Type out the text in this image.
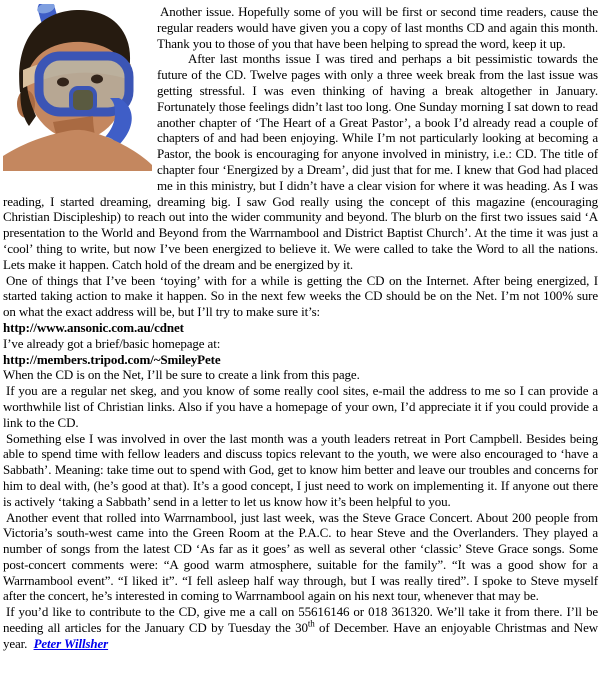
Another issue. Hopefully some of you will be first or second time readers, cause the regular readers would have given you a copy of last months CD and again this month. Thank you to those of you that have been helping to spread the word, keep it up.

After last months issue I was tired and perhaps a bit pessimistic towards the future of the CD. Twelve pages with only a three week break from the last issue was getting stressful. I was even thinking of having a break altogether in January. Fortunately those feelings didn’t last too long. One Sunday morning I sat down to read another chapter of ‘The Heart of a Great Pastor’, a book I’d already read a couple of chapters of and had been enjoying. While I’m not particularly looking at becoming a Pastor, the book is encouraging for anyone involved in ministry, i.e.: CD. The title of chapter four ‘Energized by a Dream’, did just that for me. I knew that God had placed me in this ministry, but I didn’t have a clear vision for where it was heading. As I was reading, I started dreaming, dreaming big. I saw God really using the concept of this magazine (encouraging Christian Discipleship) to reach out into the wider community and beyond. The blurb on the first two issues said ‘A presentation to the World and Beyond from the Warrnambool and District Baptist Church’. At the time it was just a ‘cool’ thing to write, but now I’ve been energized to believe it. We were called to take the Word to all the nations. Lets make it happen. Catch hold of the dream and be energized by it.

One of things that I’ve been ‘toying’ with for a while is getting the CD on the Internet. After being energized, I started taking action to make it happen. So in the next few weeks the CD should be on the Net. I’m not 100% sure on what the exact address will be, but I’ll try to make sure it’s:

http://www.ansonic.com.au/cdnet

I’ve already got a brief/basic homepage at:

http://members.tripod.com/~SmileyPete

When the CD is on the Net, I’ll be sure to create a link from this page.

If you are a regular net skeg, and you know of some really cool sites, e-mail the address to me so I can provide a worthwhile list of Christian links. Also if you have a homepage of your own, I’d appreciate it if you could provide a link to the CD.

Something else I was involved in over the last month was a youth leaders retreat in Port Campbell. Besides being able to spend time with fellow leaders and discuss topics relevant to the youth, we were also encouraged to ‘have a Sabbath’. Meaning: take time out to spend with God, get to know him better and leave our troubles and concerns for him to deal with, (he’s good at that). It’s a good concept, I just need to work on implementing it. If anyone out there is actively ‘taking a Sabbath’ send in a letter to let us know how it’s been helpful to you.

Another event that rolled into Warrnambool, just last week, was the Steve Grace Concert. About 200 people from Victoria’s south-west came into the Green Room at the P.A.C. to hear Steve and the Overlanders. They played a number of songs from the latest CD ‘As far as it goes’ as well as several other ‘classic’ Steve Grace songs. Some post-concert comments were: “A good warm atmosphere, suitable for the family”. “It was a good show for a Warrnambool event”. “I liked it”. “I fell asleep half way through, but I was really tired”. I spoke to Steve myself after the concert, he’s interested in coming to Warrnambool again on his next tour, whenever that may be.

If you’d like to contribute to the CD, give me a call on 55616146 or 018 361320. We’ll take it from there. I’ll be needing all articles for the January CD by Tuesday the 30th of December. Have an enjoyable Christmas and New year.  Peter Willsher
